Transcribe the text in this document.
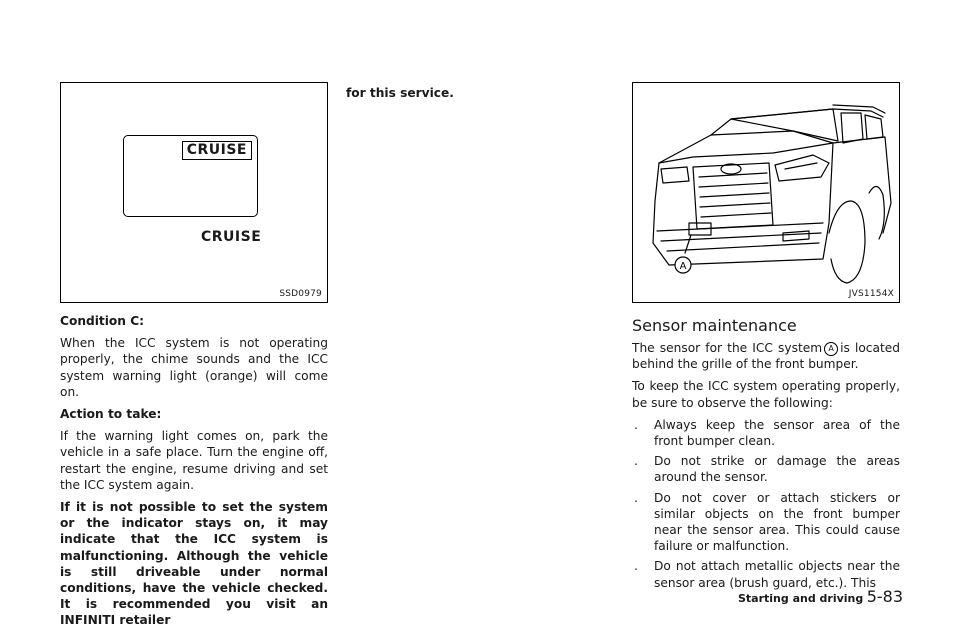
CRUISE
CRUISE
SSD0979

Condition C:

When the ICC system is not operating properly, the chime sounds and the ICC system warning light (orange) will come on.

Action to take:

If the warning light comes on, park the vehicle in a safe place. Turn the engine off, restart the engine, resume driving and set the ICC system again.

If it is not possible to set the system or the indicator stays on, it may indicate that the ICC system is malfunctioning. Although the vehicle is still driveable under normal conditions, have the vehicle checked. It is recommended you visit an INFINITI retailer

for this service.

A
JVS1154X
Sensor maintenance

The sensor for the ICC system A is located behind the grille of the front bumper.

To keep the ICC system operating properly, be sure to observe the following:

. Always keep the sensor area of the front bumper clean.
. Do not strike or damage the areas around the sensor.
. Do not cover or attach stickers or similar objects on the front bumper near the sensor area. This could cause failure or malfunction.
. Do not attach metallic objects near the sensor area (brush guard, etc.). This
Starting and driving 5-83
